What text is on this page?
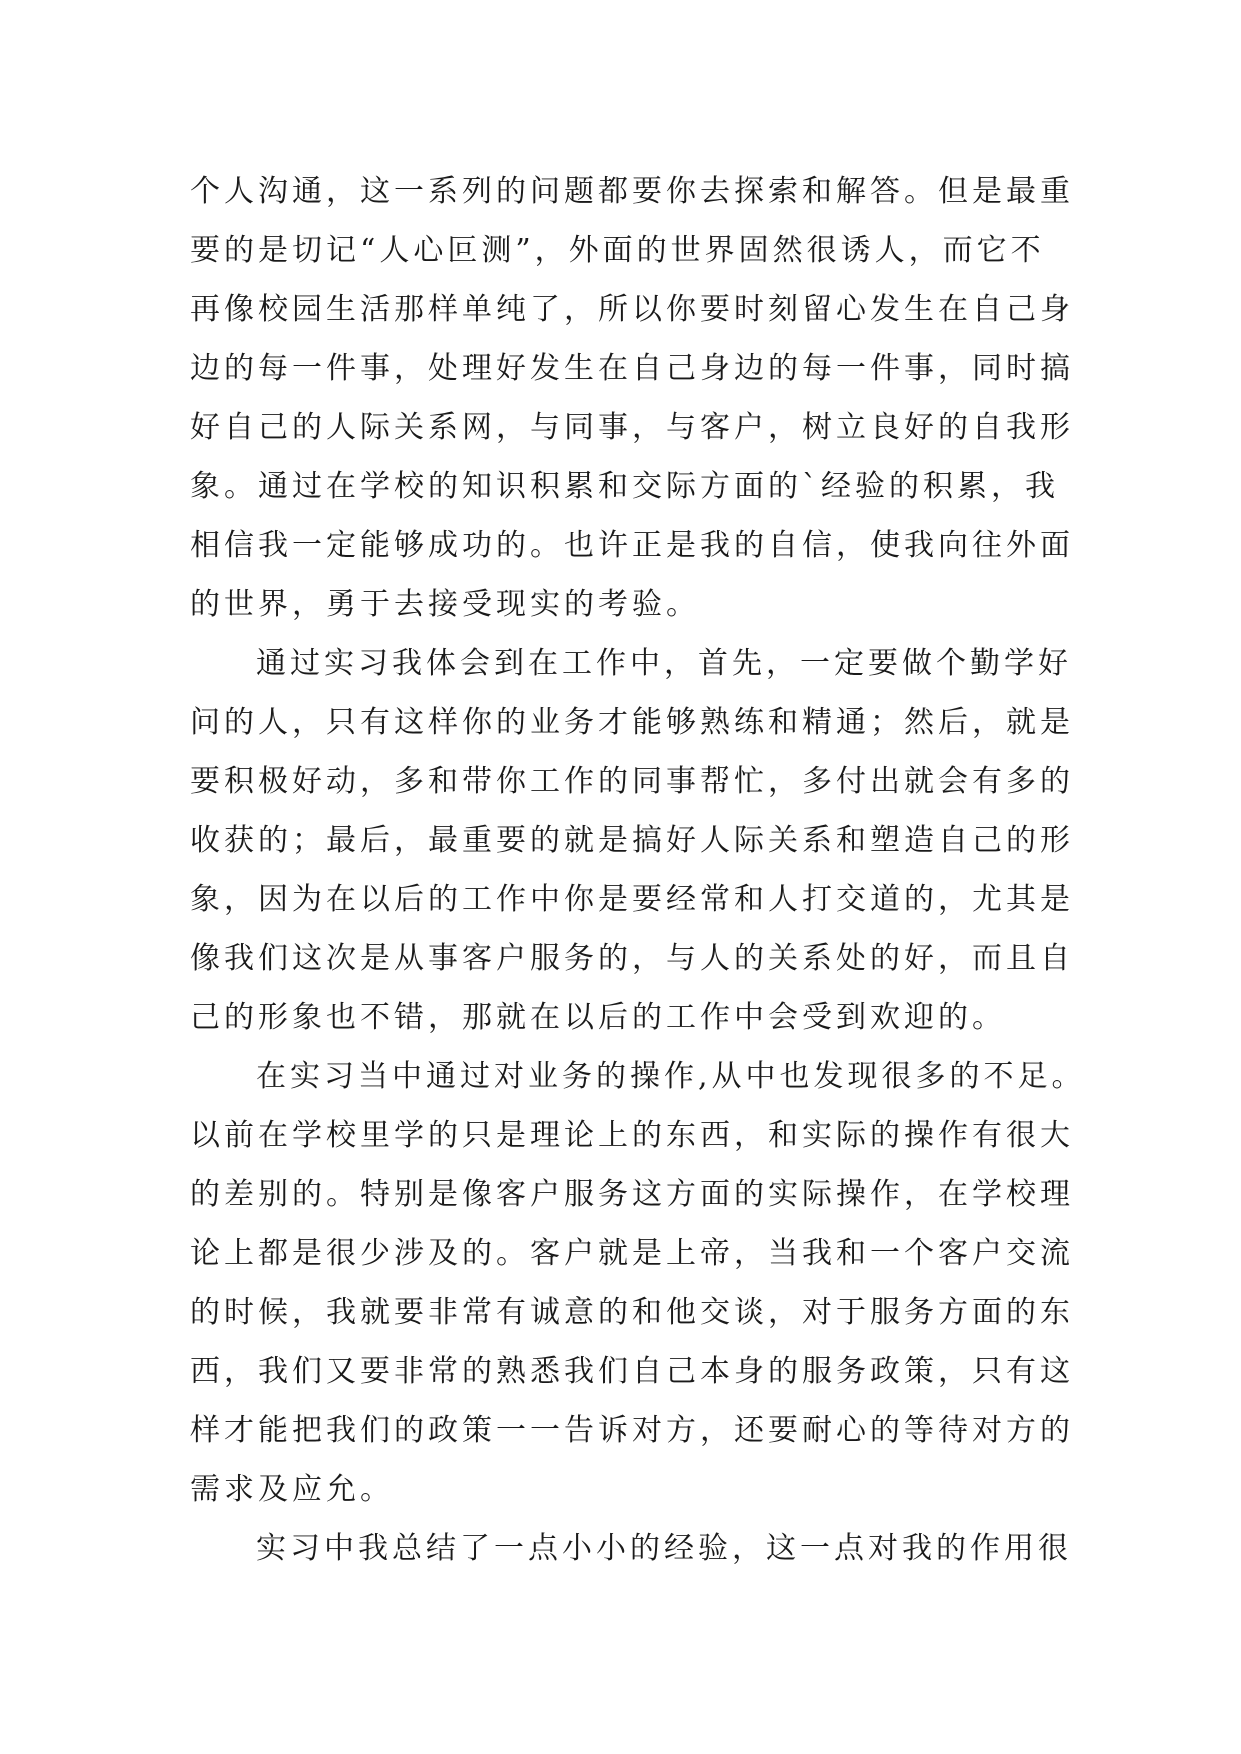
个人沟通，这一系列的问题都要你去探索和解答。但是最重
要的是切记“人心叵测”，外面的世界固然很诱人，而它不
再像校园生活那样单纯了，所以你要时刻留心发生在自己身
边的每一件事，处理好发生在自己身边的每一件事，同时搞
好自己的人际关系网，与同事，与客户，树立良好的自我形
象。通过在学校的知识积累和交际方面的`经验的积累，我
相信我一定能够成功的。也许正是我的自信，使我向往外面
的世界，勇于去接受现实的考验。
通过实习我体会到在工作中，首先，一定要做个勤学好
问的人，只有这样你的业务才能够熟练和精通；然后，就是
要积极好动，多和带你工作的同事帮忙，多付出就会有多的
收获的；最后，最重要的就是搞好人际关系和塑造自己的形
象，因为在以后的工作中你是要经常和人打交道的，尤其是
像我们这次是从事客户服务的，与人的关系处的好，而且自
己的形象也不错，那就在以后的工作中会受到欢迎的。
在实习当中通过对业务的操作,从中也发现很多的不足。
以前在学校里学的只是理论上的东西，和实际的操作有很大
的差别的。特别是像客户服务这方面的实际操作，在学校理
论上都是很少涉及的。客户就是上帝，当我和一个客户交流
的时候，我就要非常有诚意的和他交谈，对于服务方面的东
西，我们又要非常的熟悉我们自己本身的服务政策，只有这
样才能把我们的政策一一告诉对方，还要耐心的等待对方的
需求及应允。
实习中我总结了一点小小的经验，这一点对我的作用很
